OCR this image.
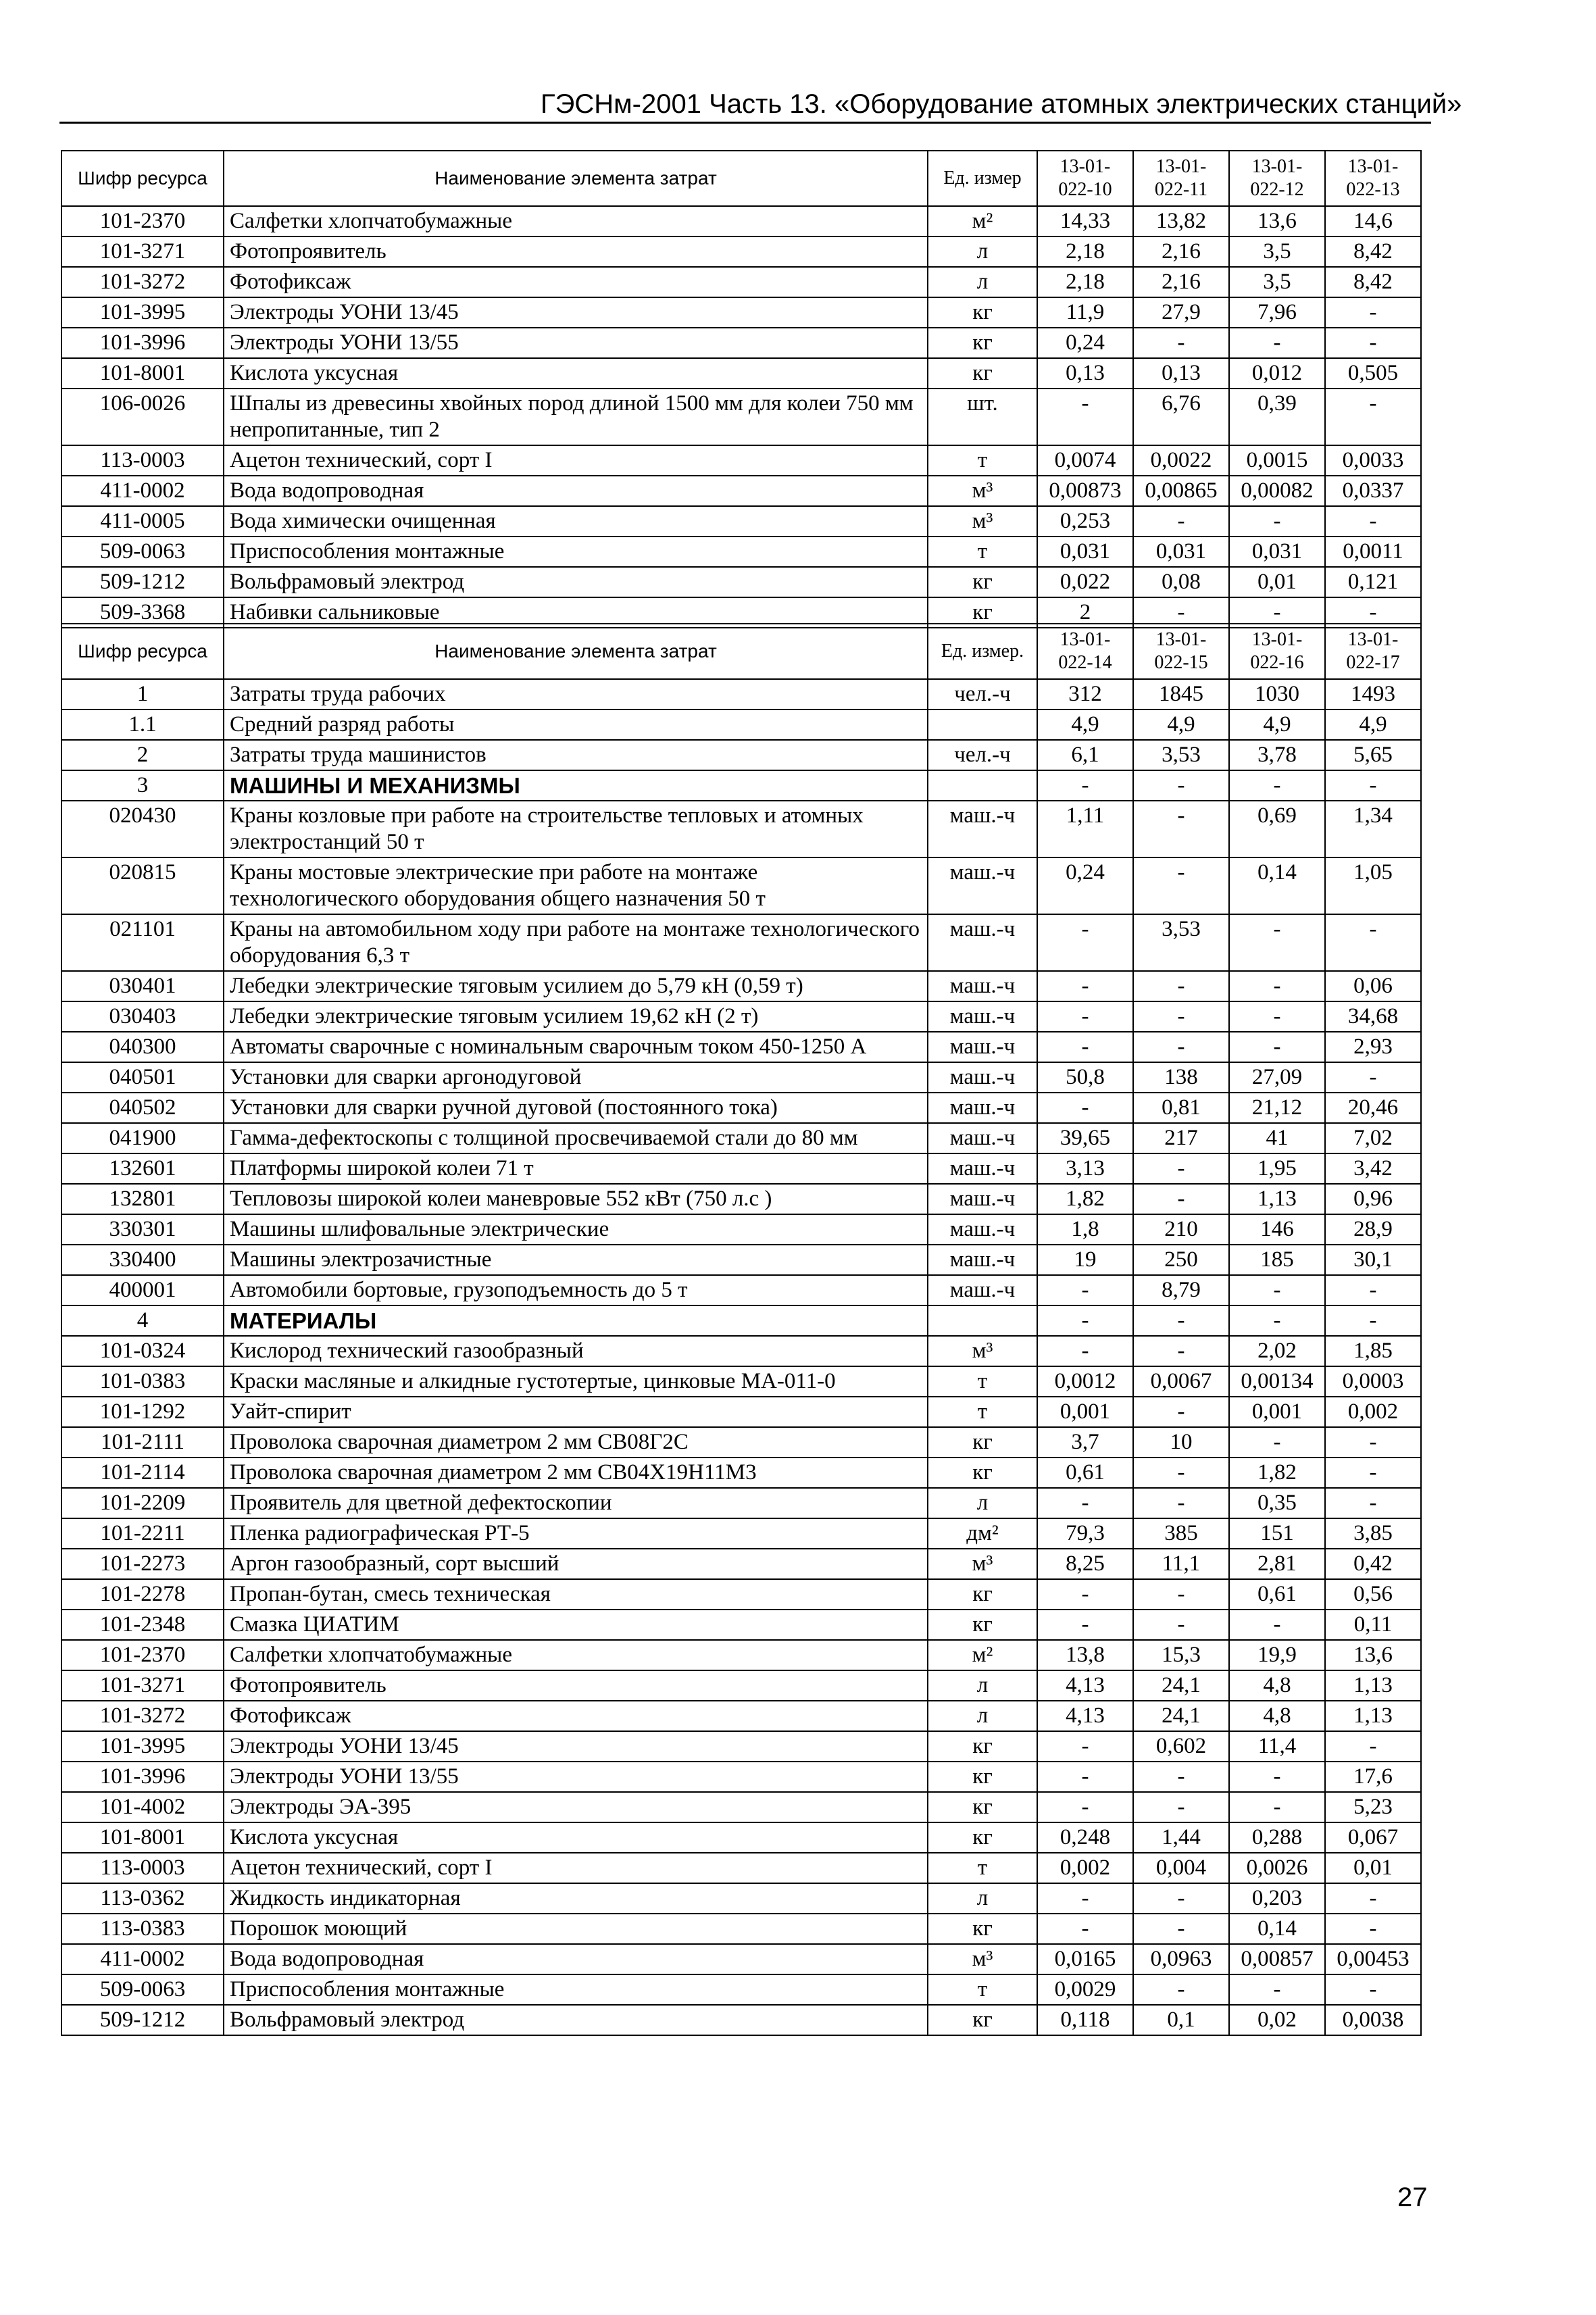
ГЭСНм-2001 Часть 13. «Оборудование атомных электрических станций»
Шифр ресурса	Наименование элемента затрат	Ед. измер	13-01-022-10	13-01-022-11	13-01-022-12	13-01-022-13
101-2370	Салфетки хлопчатобумажные	м²	14,33	13,82	13,6	14,6
101-3271	Фотопроявитель	л	2,18	2,16	3,5	8,42
101-3272	Фотофиксаж	л	2,18	2,16	3,5	8,42
101-3995	Электроды УОНИ 13/45	кг	11,9	27,9	7,96	-
101-3996	Электроды УОНИ 13/55	кг	0,24	-	-	-
101-8001	Кислота уксусная	кг	0,13	0,13	0,012	0,505
106-0026	Шпалы из древесины хвойных пород длиной 1500 мм для колеи 750 мм непропитанные, тип 2	шт.	-	6,76	0,39	-
113-0003	Ацетон технический, сорт I	т	0,0074	0,0022	0,0015	0,0033
411-0002	Вода водопроводная	м³	0,00873	0,00865	0,00082	0,0337
411-0005	Вода химически очищенная	м³	0,253	-	-	-
509-0063	Приспособления монтажные	т	0,031	0,031	0,031	0,0011
509-1212	Вольфрамовый электрод	кг	0,022	0,08	0,01	0,121
509-3368	Набивки сальниковые	кг	2	-	-	-
Шифр ресурса	Наименование элемента затрат	Ед. измер.	13-01-022-14	13-01-022-15	13-01-022-16	13-01-022-17
1	Затраты труда рабочих	чел.-ч	312	1845	1030	1493
1.1	Средний разряд работы		4,9	4,9	4,9	4,9
2	Затраты труда машинистов	чел.-ч	6,1	3,53	3,78	5,65
3	МАШИНЫ И МЕХАНИЗМЫ		-	-	-	-
020430	Краны козловые при работе на строительстве тепловых и атомных электростанций 50 т	маш.-ч	1,11	-	0,69	1,34
020815	Краны мостовые электрические при работе на монтаже технологического оборудования общего назначения 50 т	маш.-ч	0,24	-	0,14	1,05
021101	Краны на автомобильном ходу при работе на монтаже технологического оборудования 6,3 т	маш.-ч	-	3,53	-	-
030401	Лебедки электрические тяговым усилием до 5,79 кН (0,59 т)	маш.-ч	-	-	-	0,06
030403	Лебедки электрические тяговым усилием 19,62 кН (2 т)	маш.-ч	-	-	-	34,68
040300	Автоматы сварочные с номинальным сварочным током 450-1250 А	маш.-ч	-	-	-	2,93
040501	Установки для сварки аргонодуговой	маш.-ч	50,8	138	27,09	-
040502	Установки для сварки ручной дуговой (постоянного тока)	маш.-ч	-	0,81	21,12	20,46
041900	Гамма-дефектоскопы с толщиной просвечиваемой стали до 80 мм	маш.-ч	39,65	217	41	7,02
132601	Платформы широкой колеи 71 т	маш.-ч	3,13	-	1,95	3,42
132801	Тепловозы широкой колеи маневровые 552 кВт (750 л.с )	маш.-ч	1,82	-	1,13	0,96
330301	Машины шлифовальные электрические	маш.-ч	1,8	210	146	28,9
330400	Машины электрозачистные	маш.-ч	19	250	185	30,1
400001	Автомобили бортовые, грузоподъемность до 5 т	маш.-ч	-	8,79	-	-
4	МАТЕРИАЛЫ		-	-	-	-
101-0324	Кислород технический газообразный	м³	-	-	2,02	1,85
101-0383	Краски масляные и алкидные густотертые, цинковые МА-011-0	т	0,0012	0,0067	0,00134	0,0003
101-1292	Уайт-спирит	т	0,001	-	0,001	0,002
101-2111	Проволока сварочная диаметром 2 мм СВ08Г2С	кг	3,7	10	-	-
101-2114	Проволока сварочная диаметром 2 мм СВ04Х19Н11М3	кг	0,61	-	1,82	-
101-2209	Проявитель для цветной дефектоскопии	л	-	-	0,35	-
101-2211	Пленка радиографическая РТ-5	дм²	79,3	385	151	3,85
101-2273	Аргон газообразный, сорт высший	м³	8,25	11,1	2,81	0,42
101-2278	Пропан-бутан, смесь техническая	кг	-	-	0,61	0,56
101-2348	Смазка ЦИАТИМ	кг	-	-	-	0,11
101-2370	Салфетки хлопчатобумажные	м²	13,8	15,3	19,9	13,6
101-3271	Фотопроявитель	л	4,13	24,1	4,8	1,13
101-3272	Фотофиксаж	л	4,13	24,1	4,8	1,13
101-3995	Электроды УОНИ 13/45	кг	-	0,602	11,4	-
101-3996	Электроды УОНИ 13/55	кг	-	-	-	17,6
101-4002	Электроды ЭА-395	кг	-	-	-	5,23
101-8001	Кислота уксусная	кг	0,248	1,44	0,288	0,067
113-0003	Ацетон технический, сорт I	т	0,002	0,004	0,0026	0,01
113-0362	Жидкость индикаторная	л	-	-	0,203	-
113-0383	Порошок моющий	кг	-	-	0,14	-
411-0002	Вода водопроводная	м³	0,0165	0,0963	0,00857	0,00453
509-0063	Приспособления монтажные	т	0,0029	-	-	-
509-1212	Вольфрамовый электрод	кг	0,118	0,1	0,02	0,0038
27
